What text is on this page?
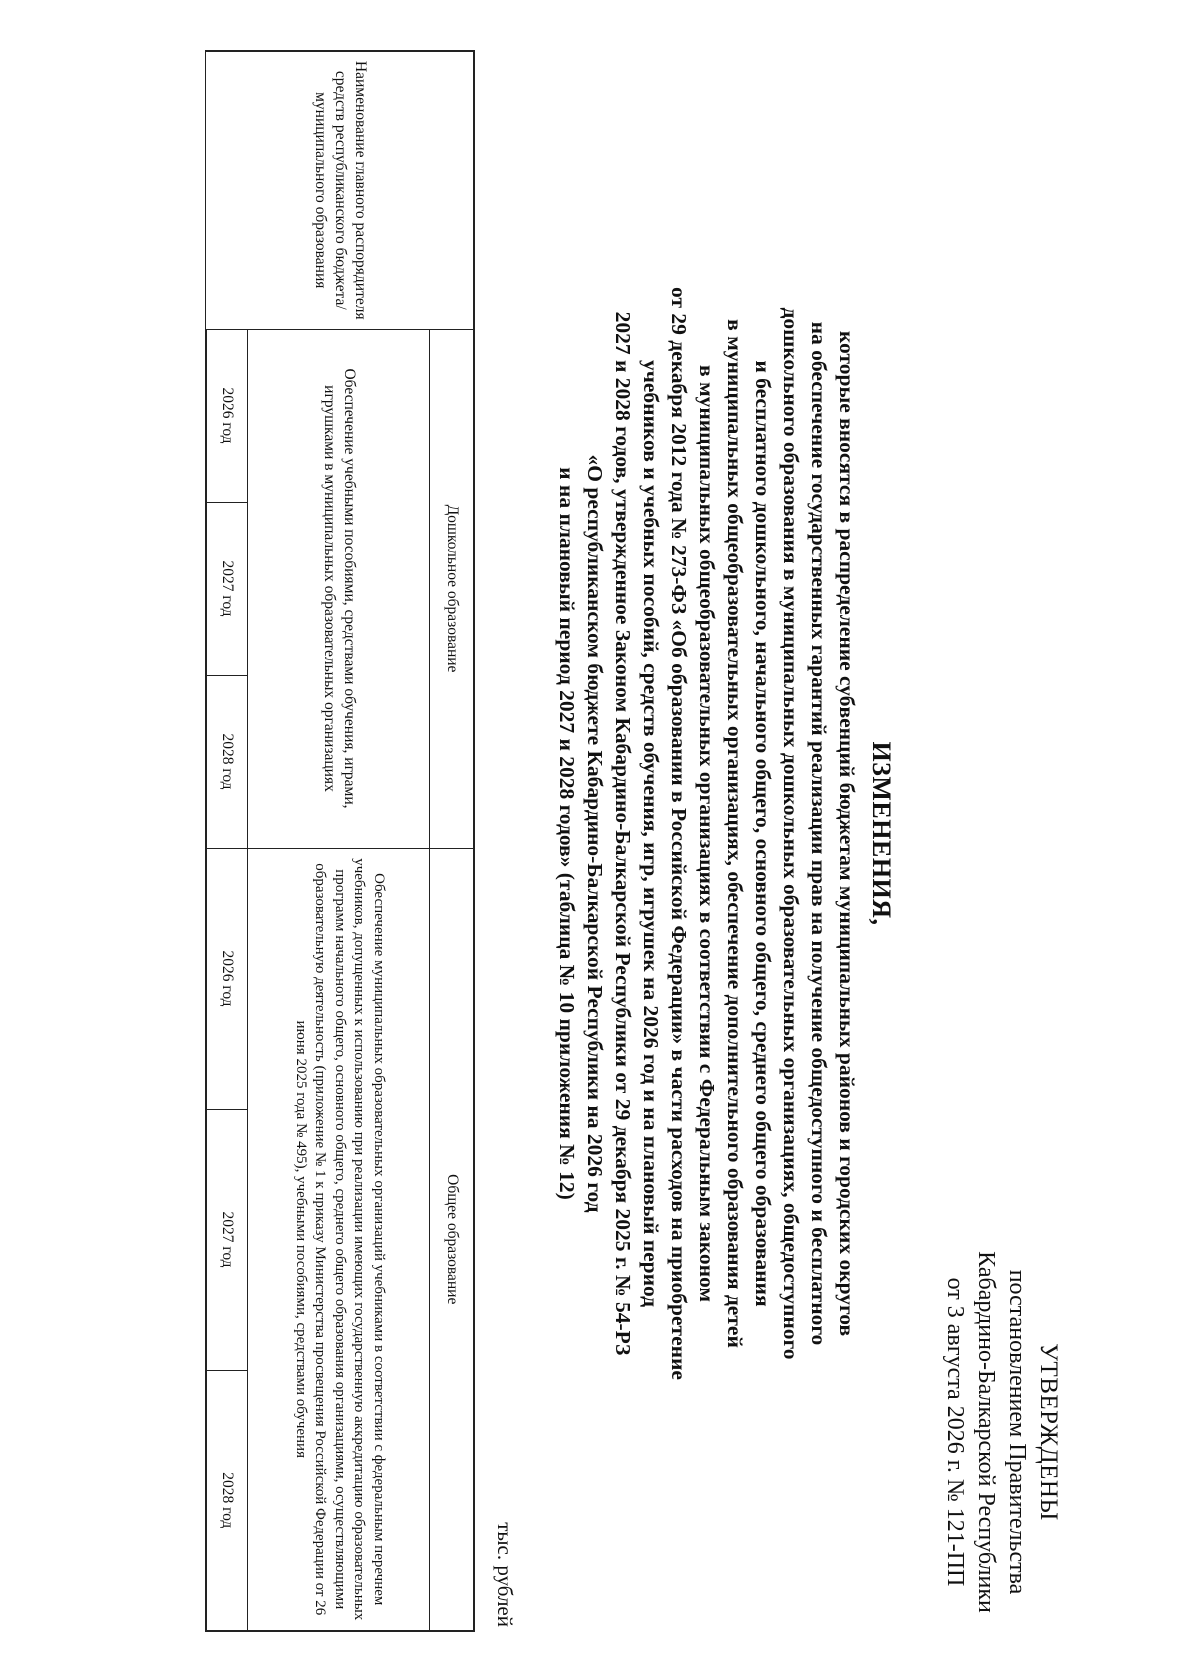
УТВЕРЖДЕНЫ
постановлением Правительства
Кабардино-Балкарской Республики
от 3 августа 2026 г. № 121-ПП
ИЗМЕНЕНИЯ,
которые вносятся в распределение субвенций бюджетам муниципальных районов и городских округов
на обеспечение государственных гарантий реализации прав на получение общедоступного и бесплатного
дошкольного образования в муниципальных дошкольных образовательных организациях, общедоступного
и бесплатного дошкольного, начального общего, основного общего, среднего общего образования
в муниципальных общеобразовательных организациях, обеспечение дополнительного образования детей
в муниципальных общеобразовательных организациях в соответствии с Федеральным законом
от 29 декабря 2012 года № 273-ФЗ «Об образовании в Российской Федерации» в части расходов на приобретение
учебников и учебных пособий, средств обучения, игр, игрушек на 2026 год и на плановый период
2027 и 2028 годов, утвержденное Законом Кабардино-Балкарской Республики от 29 декабря 2025 г. № 54-РЗ
«О республиканском бюджете Кабардино-Балкарской Республики на 2026 год
и на плановый период 2027 и 2028 годов» (таблица № 10 приложения № 12)
тыс. рублей
Наименование главного распорядителя средств республиканского бюджета/ муниципального образования	Дошкольное образование			Общее образование		
	Обеспечение учебными пособиями, средствами обучения, играми, игрушками в муниципальных образовательных организациях			Обеспечение муниципальных образовательных организаций учебниками в соответствии с федеральным перечнем учебников, допущенных к использованию при реализации имеющих государственную аккредитацию образовательных программ начального общего, основного общего, среднего общего образования организациями, осуществляющими образовательную деятельность (приложение № 1 к приказу Министерства просвещения Российской Федерации от 26 июня 2025 года № 495), учебными пособиями, средствами обучения		
	2026 год	2027 год	2028 год	2026 год	2027 год	2028 год
